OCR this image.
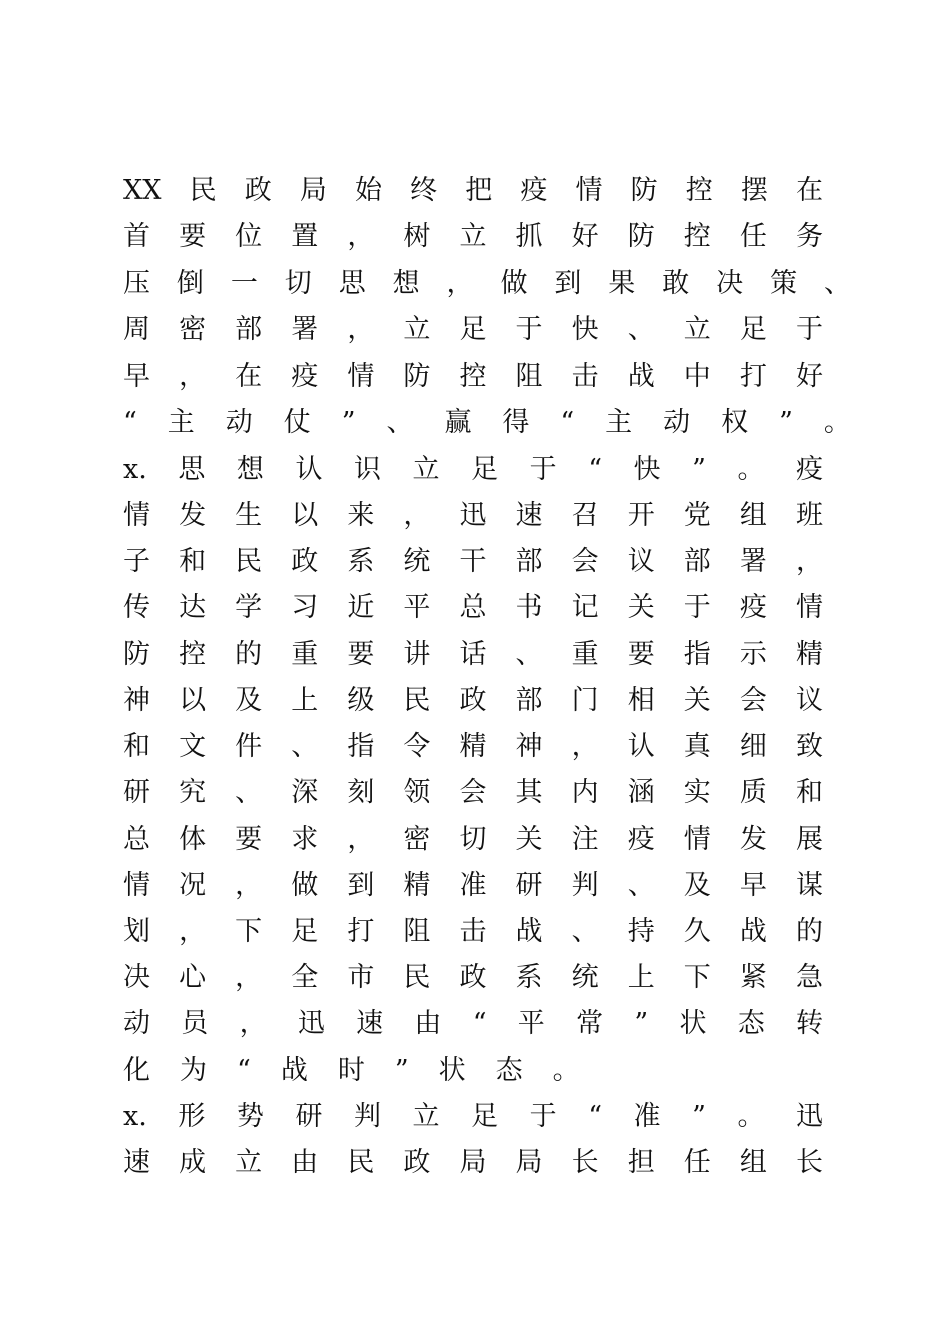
XX 民 政 局 始 终 把 疫 情 防 控 摆 在
首 要 位 置 ， 树 立 抓 好 防 控 任 务
压 倒 一 切 思 想 ， 做 到 果 敢 决 策 、
周 密 部 署 ， 立 足 于 快 、 立 足 于
早 ， 在 疫 情 防 控 阻 击 战 中 打 好
“ 主 动 仗 ” 、 赢 得 “ 主 动 权 ” 。
x. 思 想 认 识 立 足 于 “ 快 ” 。 疫
情 发 生 以 来 ， 迅 速 召 开 党 组 班
子 和 民 政 系 统 干 部 会 议 部 署 ，
传 达 学 习 近 平 总 书 记 关 于 疫 情
防 控 的 重 要 讲 话 、 重 要 指 示 精
神 以 及 上 级 民 政 部 门 相 关 会 议
和 文 件 、 指 令 精 神 ， 认 真 细 致
研 究 、 深 刻 领 会 其 内 涵 实 质 和
总 体 要 求 ， 密 切 关 注 疫 情 发 展
情 况 ， 做 到 精 准 研 判 、 及 早 谋
划 ， 下 足 打 阻 击 战 、 持 久 战 的
决 心 ， 全 市 民 政 系 统 上 下 紧 急
动 员 ， 迅 速 由 “ 平 常 ” 状 态 转
化 为 “ 战 时 ” 状 态 。
x. 形 势 研 判 立 足 于 “ 准 ” 。 迅
速 成 立 由 民 政 局 局 长 担 任 组 长
